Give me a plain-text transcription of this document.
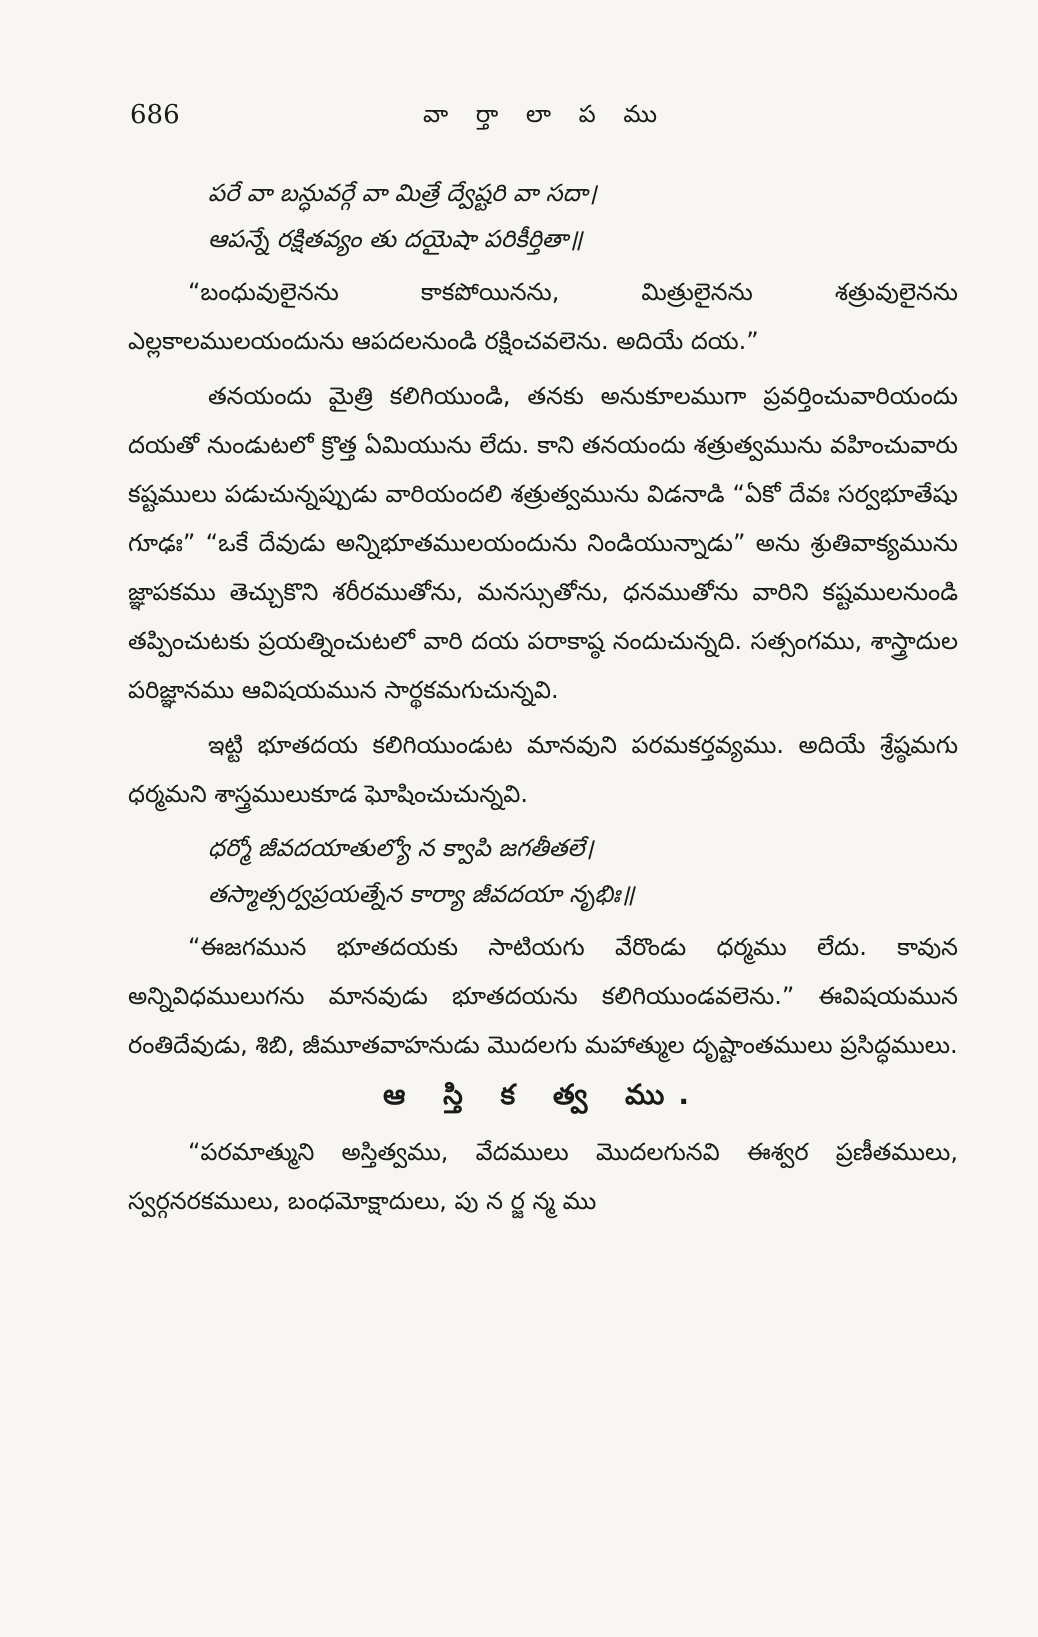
686	వా ర్తా లా ప ము
పరే వా బన్ధువర్గే వా మిత్రే ద్వేష్టరి వా సదా।
ఆపన్నే రక్షితవ్యం తు దయైషా పరికీర్తితా॥

“బంధువులైనను కాకపోయినను, మిత్రులైనను శత్రువులైనను ఎల్లకాలములయందును ఆపదలనుండి రక్షించవలెను. అదియే దయ.”

తనయందు మైత్రి కలిగియుండి, తనకు అనుకూలముగా ప్రవర్తించువారియందు దయతో నుండుటలో క్రొత్త ఏమియును లేదు. కాని తనయందు శత్రుత్వమును వహించువారు కష్టములు పడుచున్నప్పుడు వారియందలి శత్రుత్వమును విడనాడి “ఏకో దేవః సర్వభూతేషు గూఢః” “ఒకే దేవుడు అన్నిభూతములయందును నిండియున్నాడు” అను శ్రుతివాక్యమును జ్ఞాపకము తెచ్చుకొని శరీరముతోను, మనస్సుతోను, ధనముతోను వారిని కష్టములనుండి తప్పించుటకు ప్రయత్నించుటలో వారి దయ పరాకాష్ఠ నందుచున్నది. సత్సంగము, శాస్త్రాదుల పరిజ్ఞానము ఆవిషయమున సార్థకమగుచున్నవి.

ఇట్టి భూతదయ కలిగియుండుట మానవుని పరమకర్తవ్యము. అదియే శ్రేష్ఠమగు ధర్మమని శాస్త్రములుకూడ ఘోషించుచున్నవి.

ధర్మో జీవదయాతుల్యో న క్వాపి జగతీతలే।
తస్మాత్సర్వప్రయత్నేన కార్యా జీవదయా నృభిః॥

“ఈజగమున భూతదయకు సాటియగు వేరొండు ధర్మము లేదు. కావున అన్నివిధములుగను మానవుడు భూతదయను కలిగియుండవలెను.” ఈవిషయమున రంతిదేవుడు, శిబి, జీమూతవాహనుడు మొదలగు మహాత్ముల దృష్టాంతములు ప్రసిద్ధములు.

ఆ స్తి క త్వ ము.

“పరమాత్ముని అస్తిత్వము, వేదములు మొదలగునవి ఈశ్వర ప్రణీతములు, స్వర్గనరకములు, బంధమోక్షాదులు, పు న ర్జ న్మ ము
